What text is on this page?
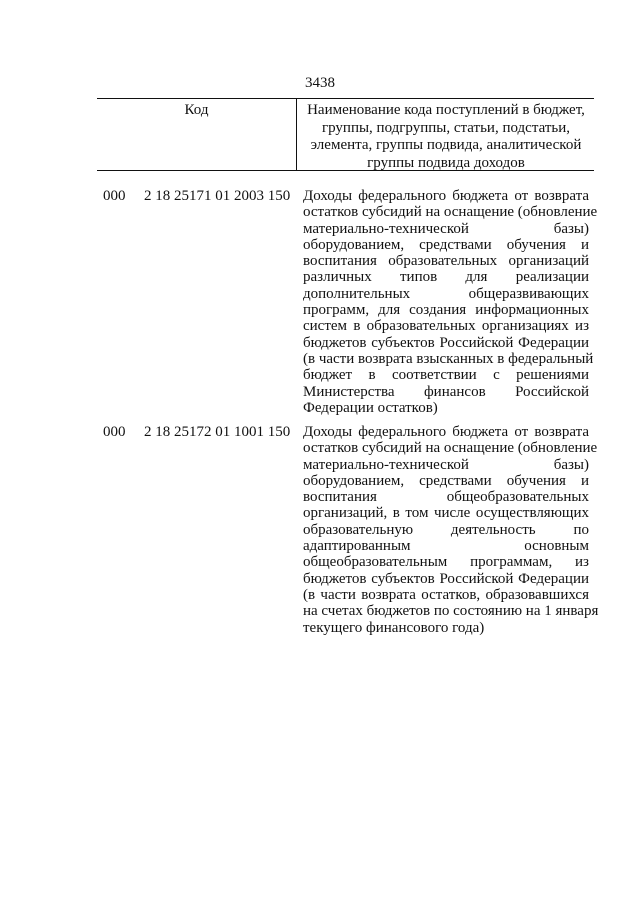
3438
Код	Наименование кода поступлений в бюджет,
группы, подгруппы, статьи, подстатьи,
элемента, группы подвида, аналитической
группы подвида доходов
000 2 18 25171 01 2003 150 Доходы федерального бюджета от возврата
остатков субсидий на оснащение (обновление
материально-технической базы)
оборудованием, средствами обучения и
воспитания образовательных организаций
различных типов для реализации
дополнительных общеразвивающих
программ, для создания информационных
систем в образовательных организациях из
бюджетов субъектов Российской Федерации
(в части возврата взысканных в федеральный
бюджет в соответствии с решениями
Министерства финансов Российской
Федерации остатков)
000 2 18 25172 01 1001 150 Доходы федерального бюджета от возврата
остатков субсидий на оснащение (обновление
материально-технической базы)
оборудованием, средствами обучения и
воспитания общеобразовательных
организаций, в том числе осуществляющих
образовательную деятельность по
адаптированным основным
общеобразовательным программам, из
бюджетов субъектов Российской Федерации
(в части возврата остатков, образовавшихся
на счетах бюджетов по состоянию на 1 января
текущего финансового года)
